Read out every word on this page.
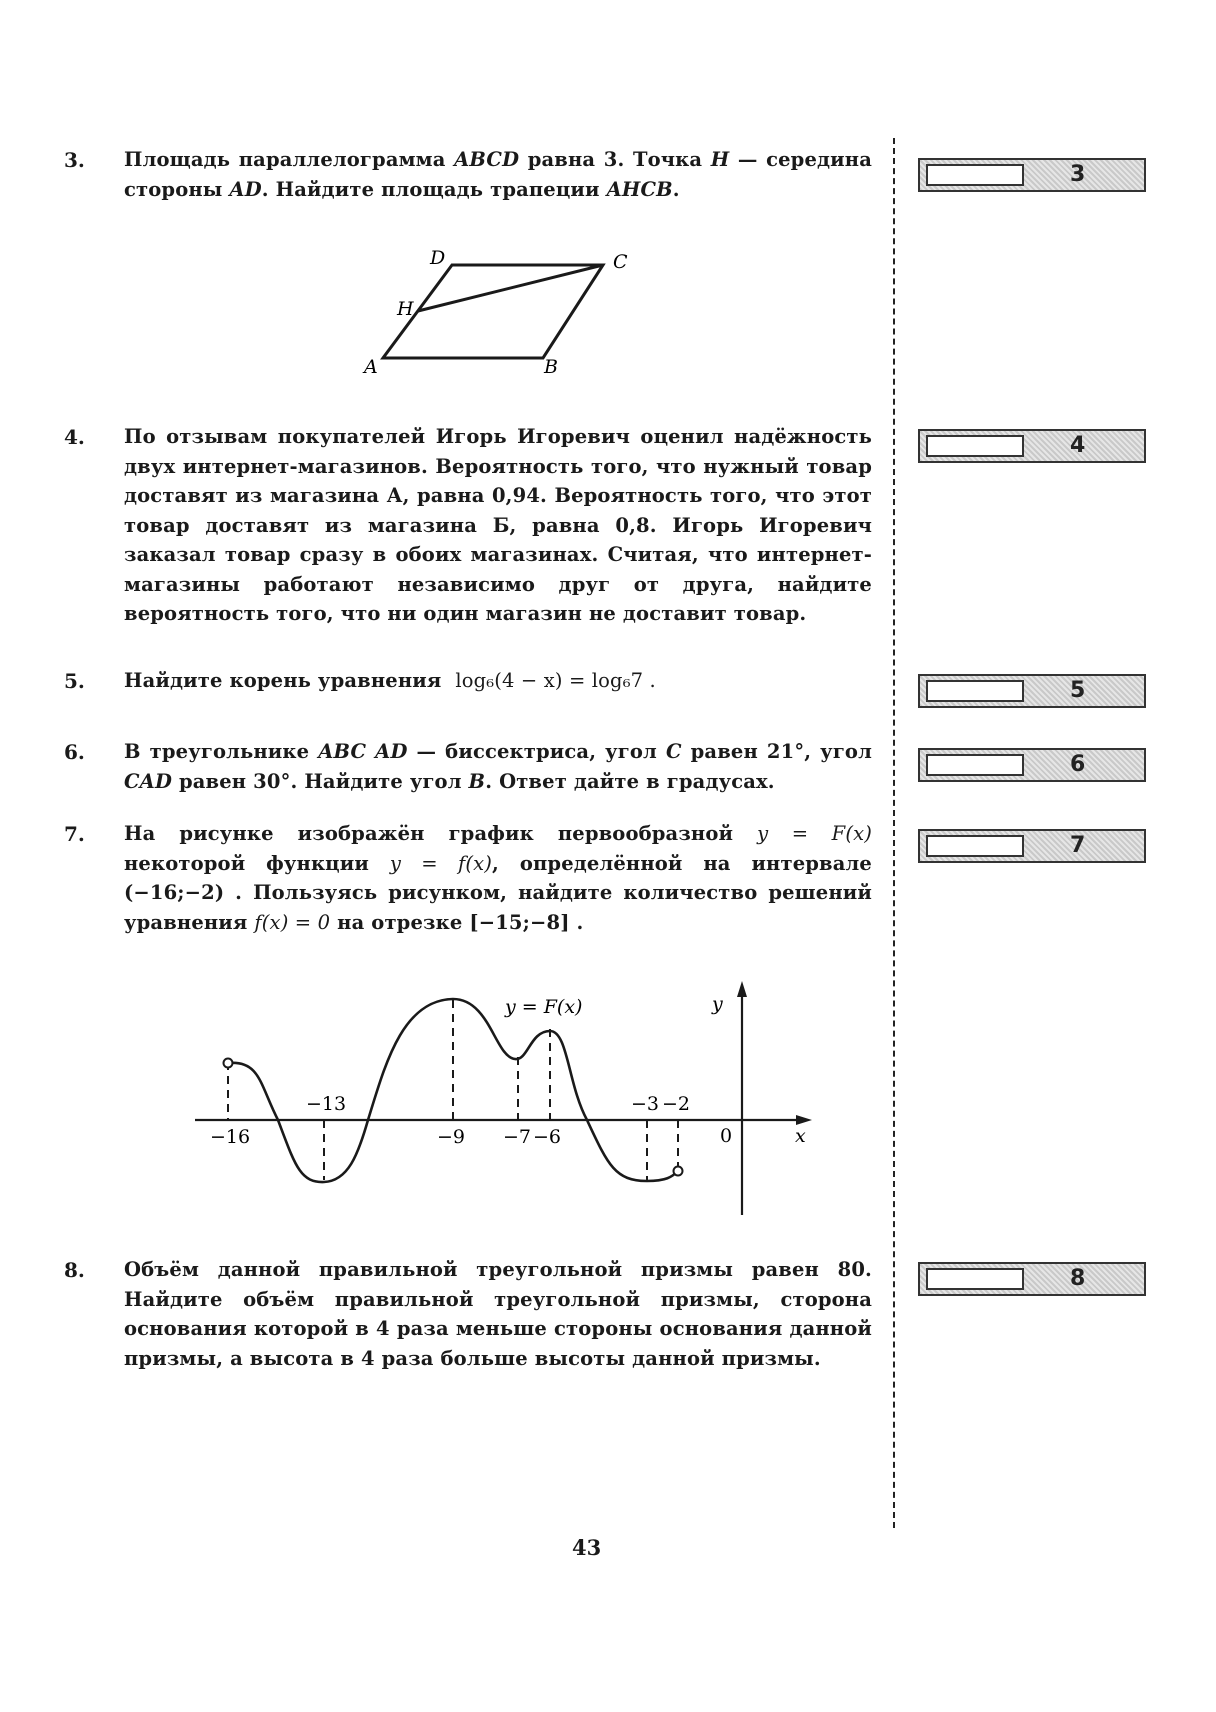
3.	Площадь параллелограмма ABCD равна 3. Точка H — середина стороны AD. Найдите площадь трапеции AHCB.
D	C
H
A	B
4.	По отзывам покупателей Игорь Игоревич оценил надёжность двух интернет-магазинов. Вероятность того, что нужный товар доставят из магазина А, равна 0,94. Вероятность того, что этот товар доставят из магазина Б, равна 0,8. Игорь Игоревич заказал товар сразу в обоих магазинах. Считая, что интернет-магазины работают независимо друг от друга, найдите вероятность того, что ни один магазин не доставит товар.
5.	Найдите корень уравнения log₆(4 − x) = log₆7 .
6.	В треугольнике ABC AD — биссектриса, угол C равен 21°, угол CAD равен 30°. Найдите угол B. Ответ дайте в градусах.
7.	На рисунке изображён график первообразной y = F(x) некоторой функции y = f(x), определённой на интервале (−16;−2) . Пользуясь рисунком, найдите количество решений уравнения f(x) = 0 на отрезке [−15;−8] .
y = F(x)	y
x
0
−16
−13
−9 −7 −6
−3 −2
8.	Объём данной правильной треугольной призмы равен 80. Найдите объём правильной треугольной призмы, сторона основания которой в 4 раза меньше стороны основания данной призмы, а высота в 4 раза больше высоты данной призмы.
3
4
5
6
7
8
43
